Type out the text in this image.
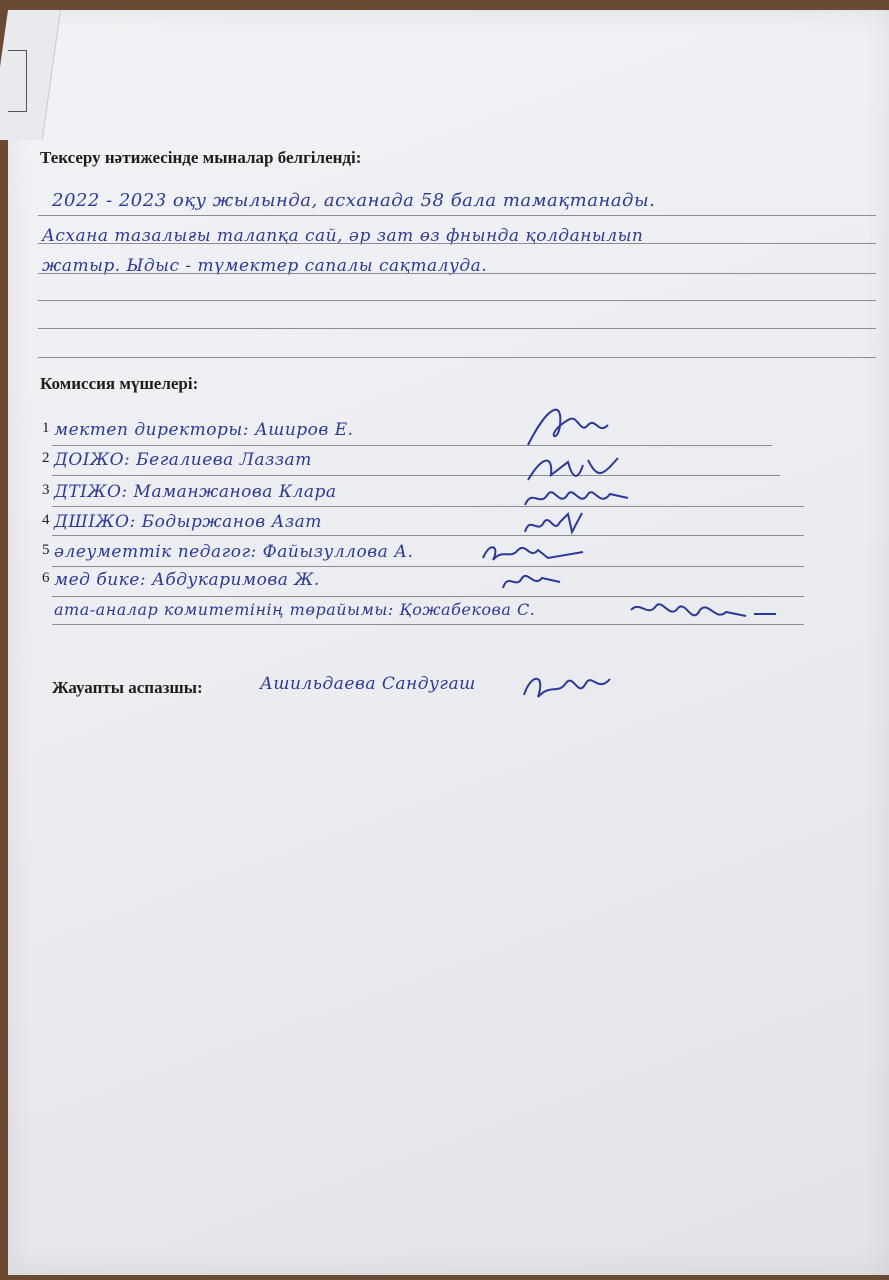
Тексеру нәтижесінде мыналар белгіленді:
2022 - 2023 оқу жылында, асханада 58 бала тамақтанады.
Асхана тазалығы талапқа сай, әр зат өз фнында қолданылып
жатыр. Ыдыс - түмектер сапалы сақталуда.
Комиссия мүшелері:
1 мектеп директоры: Аширов Е.
2 ДОІЖО: Бегалиева Лаззат
3 ДТІЖО: Маманжанова Клара
4 ДШІЖО: Бодыржанов Азат
5 әлеуметтік педагог: Файызуллова А.
6 мед бике: Абдукаримова Ж.
ата-аналар комитетінің төрайымы: Қожабекова С.
Жауапты аспазшы:	Ашильдаева Сандугаш
